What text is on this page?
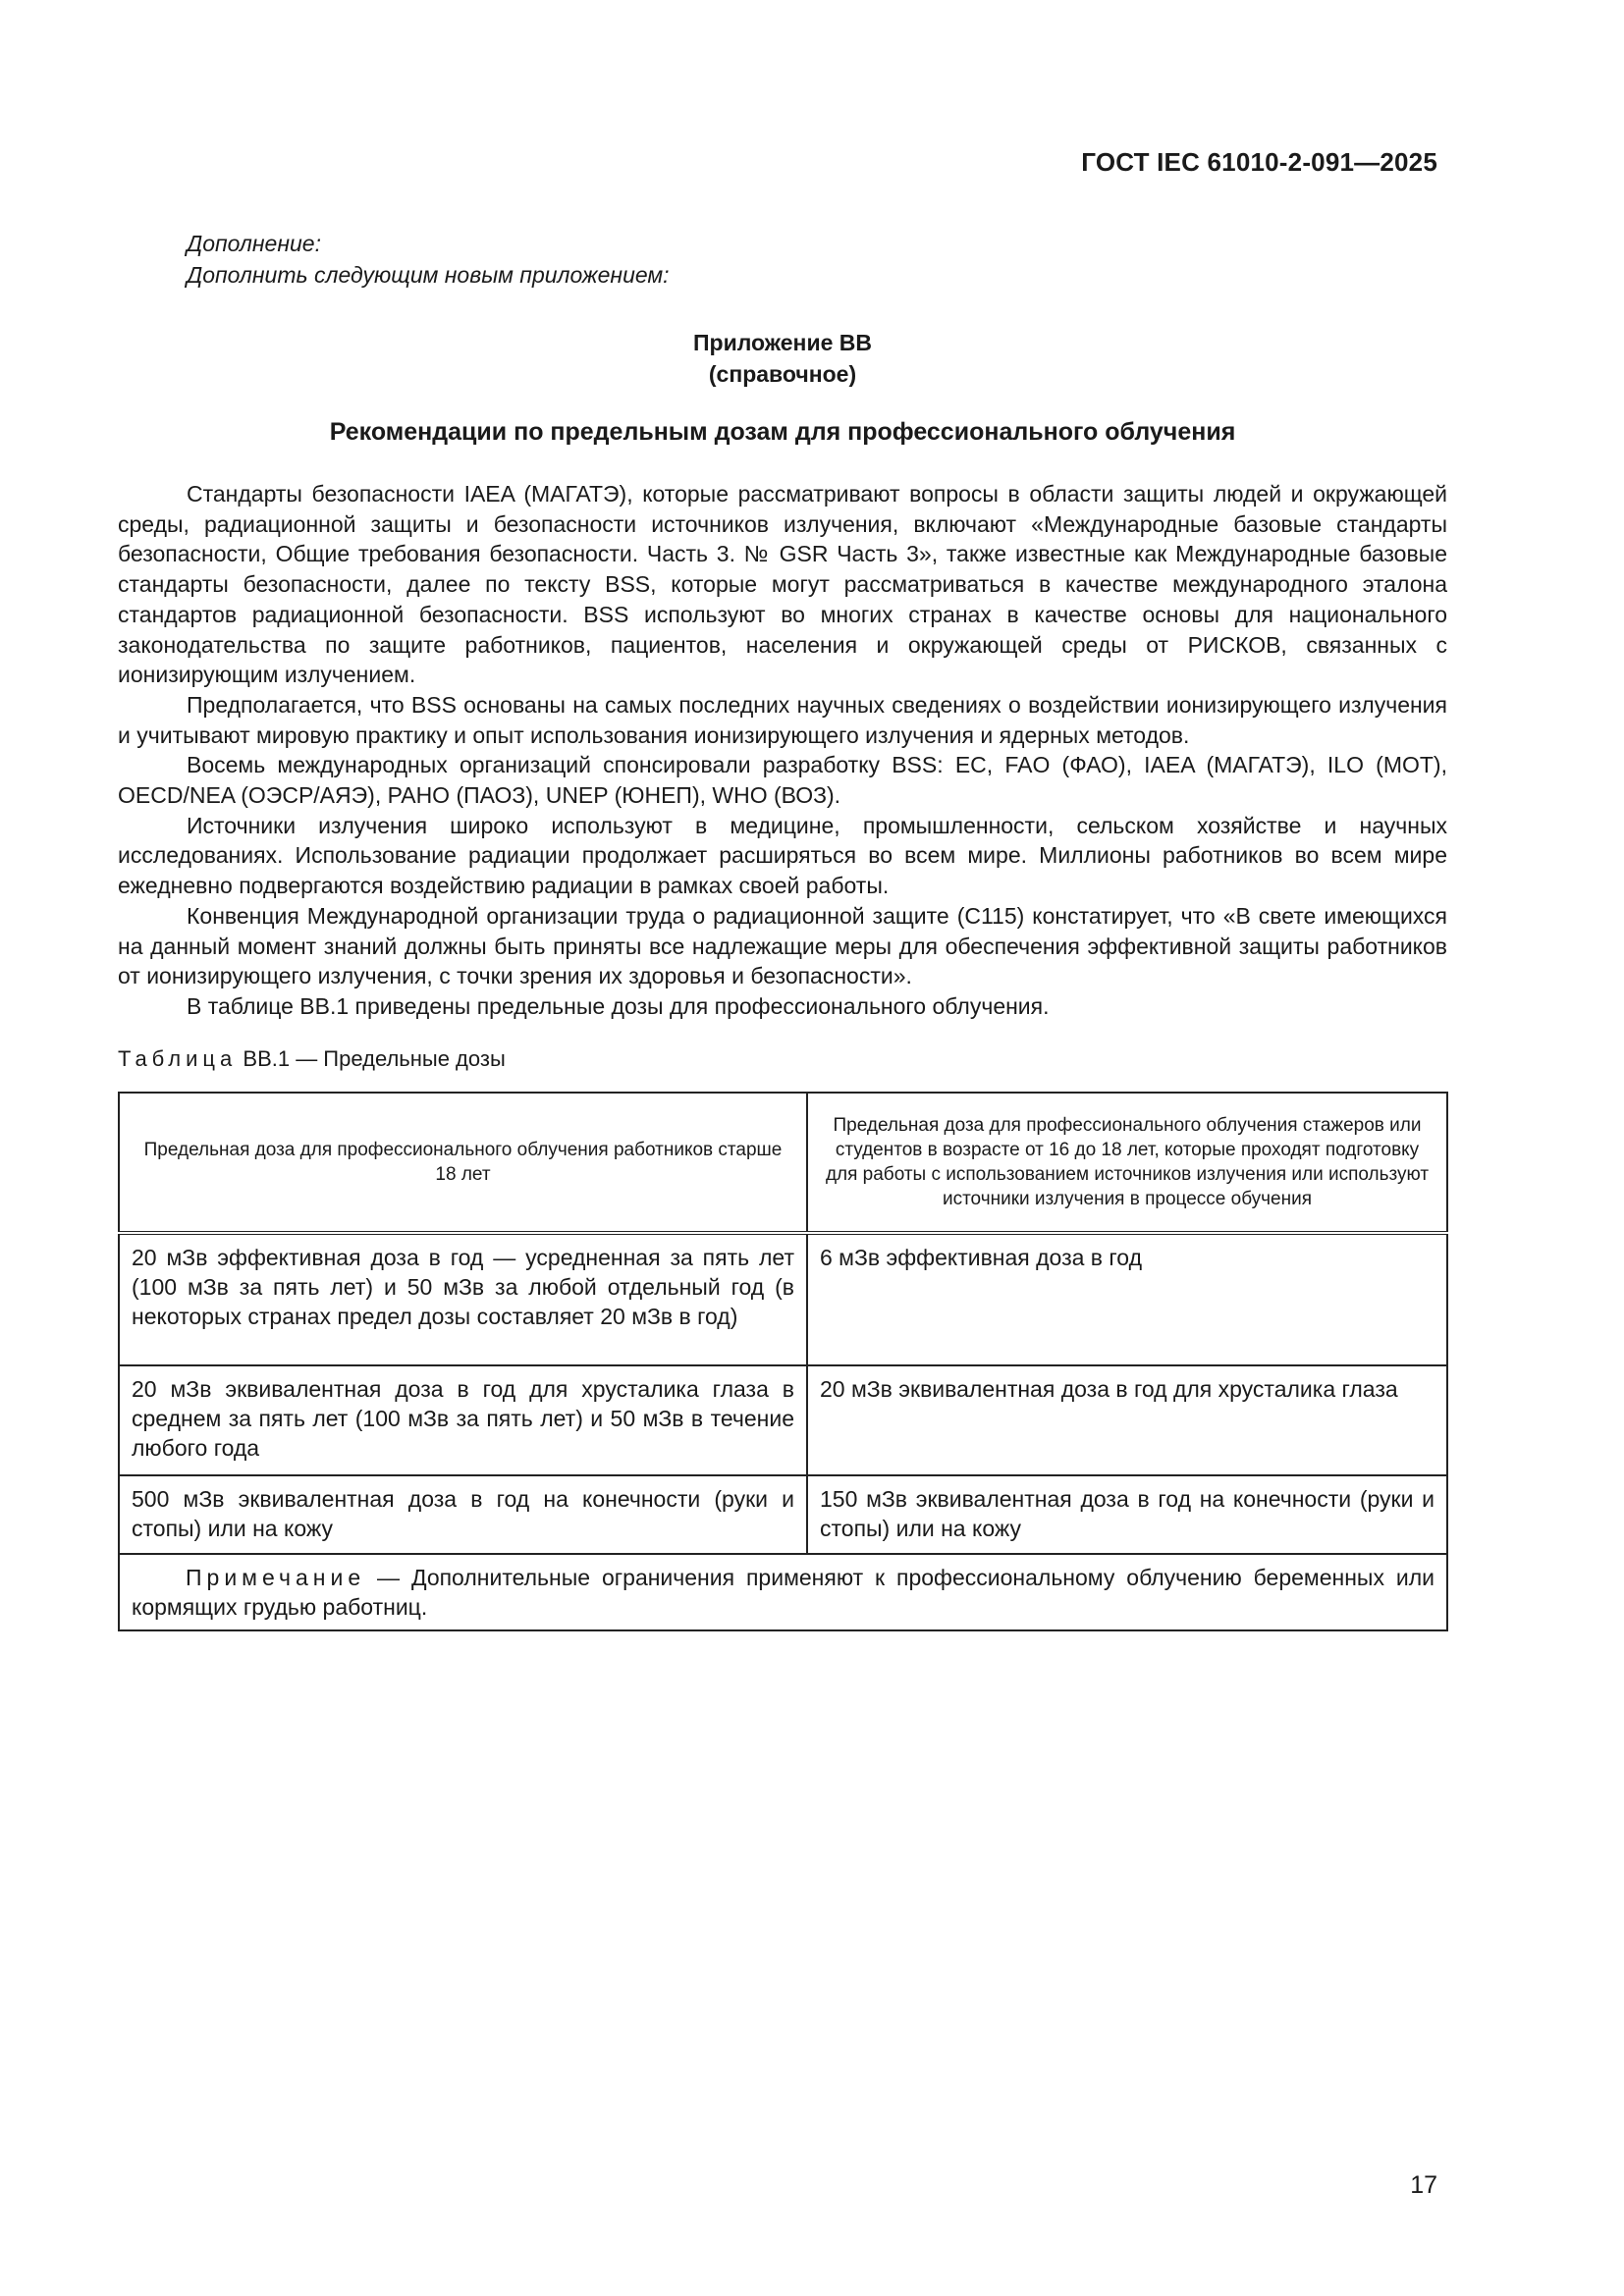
ГОСТ IEC 61010-2-091—2025
Дополнение:
Дополнить следующим новым приложением:
Приложение BB
(справочное)
Рекомендации по предельным дозам для профессионального облучения

Стандарты безопасности IAEA (МАГАТЭ), которые рассматривают вопросы в области защиты людей и окружающей среды, радиационной защиты и безопасности источников излучения, включают «Международные базовые стандарты безопасности, Общие требования безопасности. Часть 3. № GSR Часть 3», также известные как Международные базовые стандарты безопасности, далее по тексту BSS, которые могут рассматриваться в качестве международного эталона стандартов радиационной безопасности. BSS используют во многих странах в качестве основы для национального законодательства по защите работников, пациентов, населения и окружающей среды от РИСКОВ, связанных с ионизирующим излучением.

Предполагается, что BSS основаны на самых последних научных сведениях о воздействии ионизирующего излучения и учитывают мировую практику и опыт использования ионизирующего излучения и ядерных методов.

Восемь международных организаций спонсировали разработку BSS: EC, FAO (ФАО), IAEA (МАГАТЭ), ILO (МОТ), OECD/NEA (ОЭСР/АЯЭ), PAHO (ПАОЗ), UNEP (ЮНЕП), WHO (ВОЗ).

Источники излучения широко используют в медицине, промышленности, сельском хозяйстве и научных исследованиях. Использование радиации продолжает расширяться во всем мире. Миллионы работников во всем мире ежедневно подвергаются воздействию радиации в рамках своей работы.

Конвенция Международной организации труда о радиационной защите (C115) констатирует, что «В свете имеющихся на данный момент знаний должны быть приняты все надлежащие меры для обеспечения эффективной защиты работников от ионизирующего излучения, с точки зрения их здоровья и безопасности».

В таблице BB.1 приведены предельные дозы для профессионального облучения.

Таблица BB.1 — Предельные дозы
Предельная доза для профессионального облучения работников старше 18 лет	Предельная доза для профессионального облучения стажеров или студентов в возрасте от 16 до 18 лет, которые проходят подготовку для работы с использованием источников излучения или используют источники излучения в процессе обучения
20 мЗв эффективная доза в год — усредненная за пять лет (100 мЗв за пять лет) и 50 мЗв за любой отдельный год (в некоторых странах предел дозы составляет 20 мЗв в год)	6 мЗв эффективная доза в год
20 мЗв эквивалентная доза в год для хрусталика глаза в среднем за пять лет (100 мЗв за пять лет) и 50 мЗв в течение любого года	20 мЗв эквивалентная доза в год для хрусталика глаза
500 мЗв эквивалентная доза в год на конечности (руки и стопы) или на кожу	150 мЗв эквивалентная доза в год на конечности (руки и стопы) или на кожу
Примечание — Дополнительные ограничения применяют к профессиональному облучению беременных или кормящих грудью работниц.	
17
